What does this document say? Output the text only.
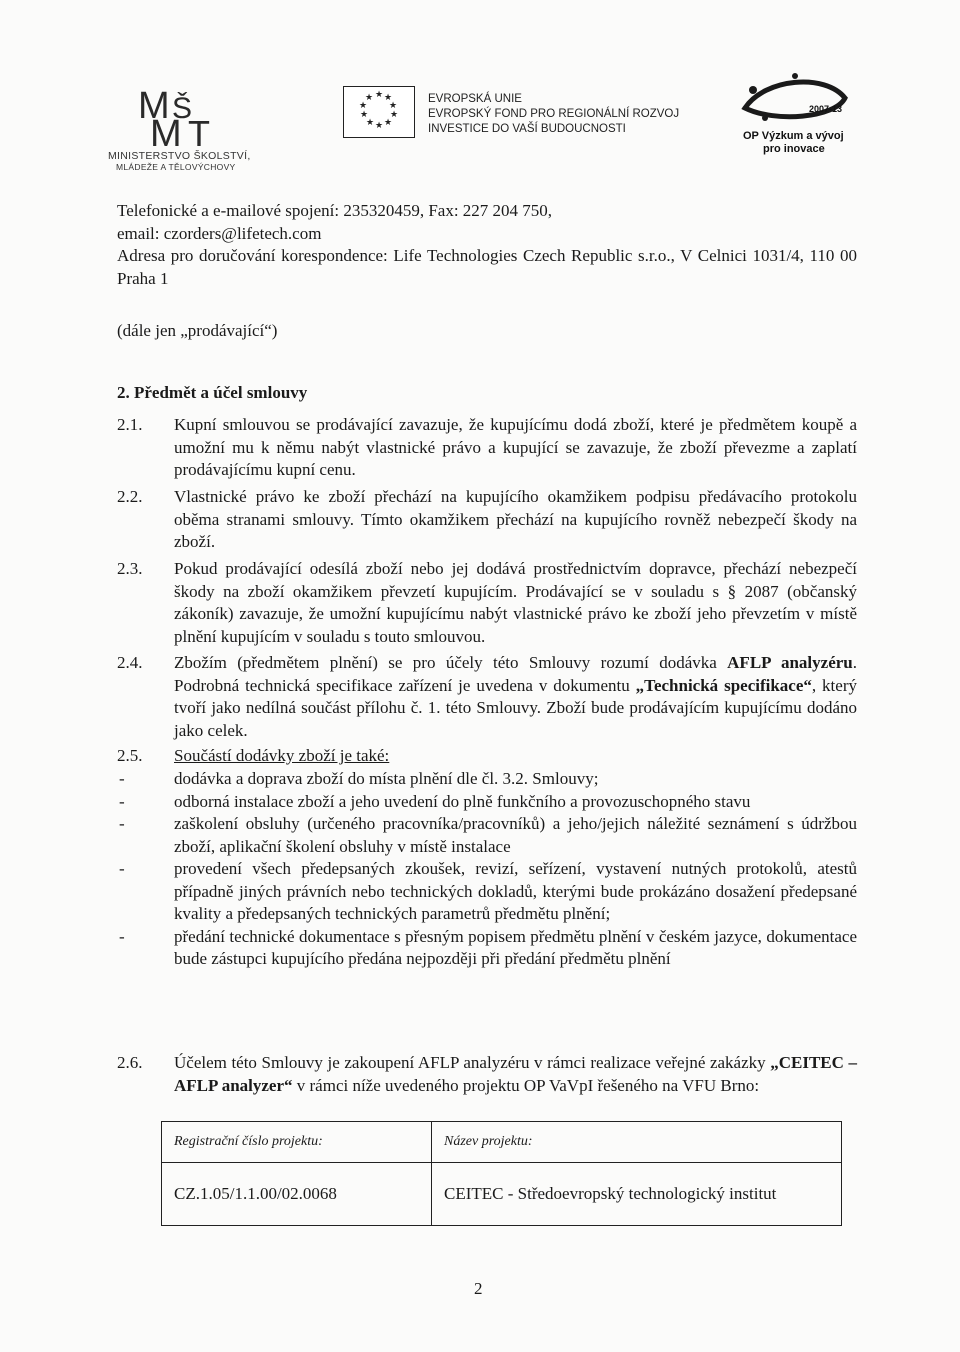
M Š
M T
MINISTERSTVO ŠKOLSTVÍ,
MLÁDEŽE A TĚLOVÝCHOVY
★ ★
★
★
★
★
★
★
★
★	EVROPSKÁ UNIE
EVROPSKÝ FOND PRO REGIONÁLNÍ ROZVOJ
INVESTICE DO VAŠÍ BUDOUCNOSTI
2007-13
OP Výzkum a vývoj
pro inovace

Telefonické a e-mailové spojení: 235320459, Fax: 227 204 750,

email: czorders@lifetech.com

Adresa pro doručování korespondence: Life Technologies Czech Republic s.r.o., V Celnici 1031/4, 110 00 Praha 1

(dále jen „prodávající“)
2. Předmět a účel smlouvy
2.1.	Kupní smlouvou se prodávající zavazuje, že kupujícímu dodá zboží, které je předmětem koupě a umožní mu k němu nabýt vlastnické právo a kupující se zavazuje, že zboží převezme a zaplatí prodávajícímu kupní cenu.
2.2.	Vlastnické právo ke zboží přechází na kupujícího okamžikem podpisu předávacího protokolu oběma stranami smlouvy. Tímto okamžikem přechází na kupujícího rovněž nebezpečí škody na zboží.
2.3.	Pokud prodávající odesílá zboží nebo jej dodává prostřednictvím dopravce, přechází nebezpečí škody na zboží okamžikem převzetí kupujícím. Prodávající se v souladu s § 2087 (občanský zákoník) zavazuje, že umožní kupujícímu nabýt vlastnické právo ke zboží jeho převzetím v místě plnění kupujícím v souladu s touto smlouvou.
2.4.	Zbožím (předmětem plnění) se pro účely této Smlouvy rozumí dodávka AFLP analyzéru. Podrobná technická specifikace zařízení je uvedena v dokumentu „Technická specifikace“, který tvoří jako nedílná součást přílohu č. 1. této Smlouvy. Zboží bude prodávajícím kupujícímu dodáno jako celek.
2.5.	Součástí dodávky zboží je také:
-	dodávka a doprava zboží do místa plnění dle čl. 3.2. Smlouvy;
-	odborná instalace zboží a jeho uvedení do plně funkčního a provozuschopného stavu
-	zaškolení obsluhy (určeného pracovníka/pracovníků) a jeho/jejich náležité seznámení s údržbou zboží, aplikační školení obsluhy v místě instalace
-	provedení všech předepsaných zkoušek, revizí, seřízení, vystavení nutných protokolů, atestů případně jiných právních nebo technických dokladů, kterými bude prokázáno dosažení předepsané kvality a předepsaných technických parametrů předmětu plnění;
-	předání technické dokumentace s přesným popisem předmětu plnění v českém jazyce, dokumentace bude zástupci kupujícího předána nejpozději při předání předmětu plnění
2.6.	Účelem této Smlouvy je zakoupení AFLP analyzéru v rámci realizace veřejné zakázky „CEITEC – AFLP analyzer“ v rámci níže uvedeného projektu OP VaVpI řešeného na VFU Brno:
Registrační číslo projektu:	Název projektu:
CZ.1.05/1.1.00/02.0068	CEITEC - Středoevropský technologický institut
2
